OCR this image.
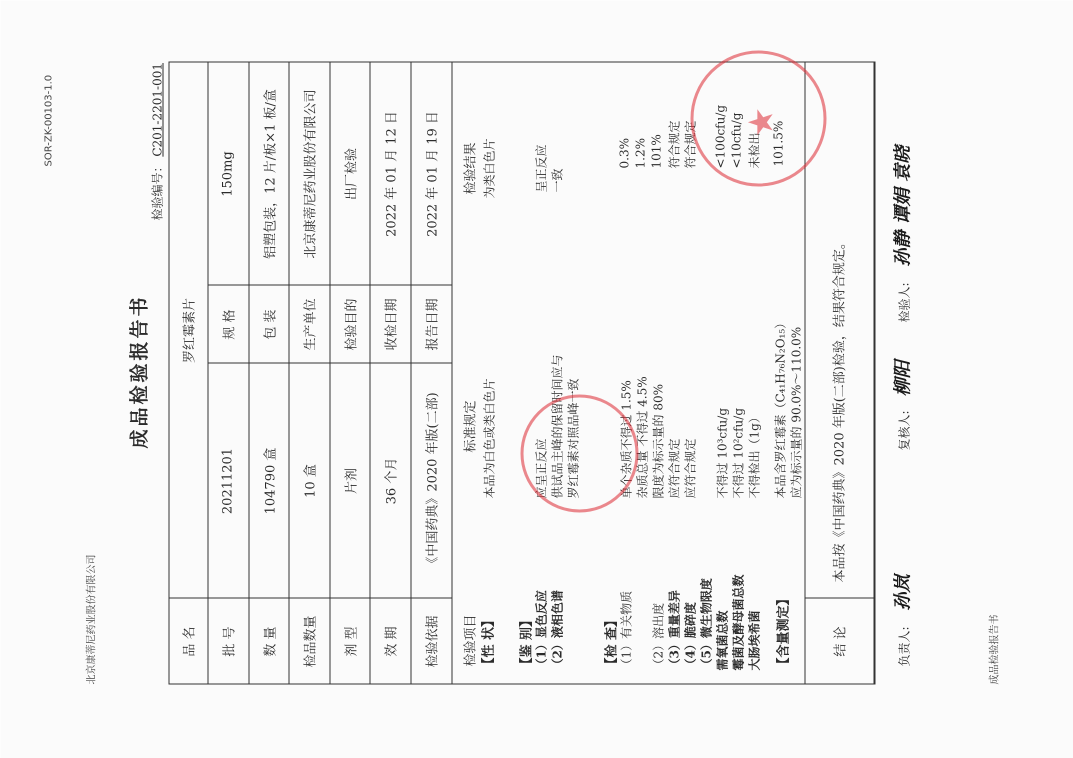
北京康蒂尼药业股份有限公司
SOR-ZK-00103-1.0
成品检验报告书
检验编号： C201-2201-001
品 名
罗红霉素片
批 号
20211201
规 格
150mg
数 量
104790 盒
包 装
铝塑包装，12 片/板×1 板/盒
检品数量
10 盒
生产单位
北京康蒂尼药业股份有限公司
剂 型
片剂
检验目的
出厂检验
效 期
36 个月
收检日期
2022 年 01 月 12 日
检验依据
《中国药典》2020 年版(二部)
报告日期
2022 年 01 月 19 日
检验项目
标准规定
检验结果
【性 状】
本品为白色或类白色片
为类白色片
【鉴 别】 （1）显色反应 （2）液相色谱
应呈正反应 供试品主峰的保留时间应与 罗红霉素对照品峰一致
呈正反应 一致
【检 查】 （1）有关物质
单个杂质不得过 1.5% 杂质总量 不得过 4.5%
0.3% 1.2%
（2）溶出度
限度为标示量的 80%
101%
（3）重量差异
应符合规定
符合规定
（4）脆碎度
应符合规定
符合规定
（5）微生物限度 需氧菌总数 霉菌及酵母菌总数 大肠埃希菌
不得过 10³cfu/g 不得过 10²cfu/g 不得检出（1g）
<100cfu/g <10cfu/g 未检出
【含量测定】
本品含罗红霉素（C₄₁H₇₆N₂O₁₅） 应为标示量的 90.0%～110.0%
101.5%
结 论
本品按《中国药典》2020 年版(二部)检验，结果符合规定。
负责人:
孙岚
复核人:
柳阳
检验人:
孙静 谭娟 袁晓
成品检验报告书
★
